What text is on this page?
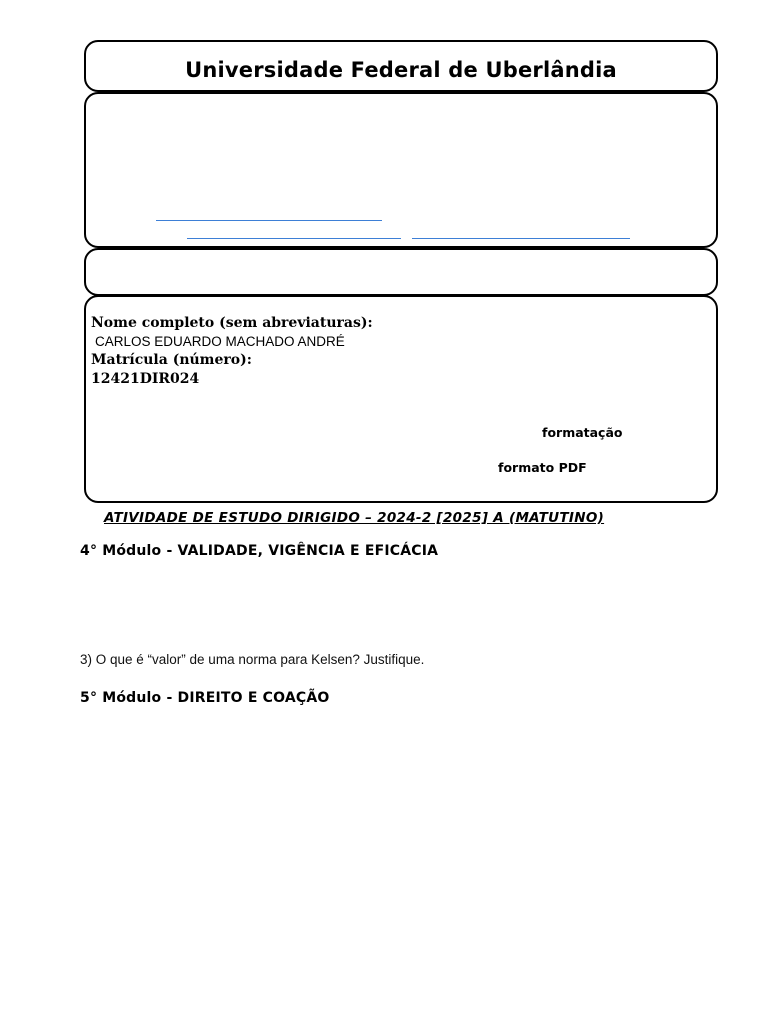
Universidade Federal de Uberlândia
Nome completo (sem abreviaturas):
CARLOS EDUARDO MACHADO ANDRÉ
Matrícula (número):
12421DIR024
formatação
formato PDF
ATIVIDADE DE ESTUDO DIRIGIDO – 2024-2 [2025] A (MATUTINO)
4° Módulo - VALIDADE, VIGÊNCIA E EFICÁCIA
3) O que é “valor” de uma norma para Kelsen? Justifique.
5° Módulo - DIREITO E COAÇÃO
